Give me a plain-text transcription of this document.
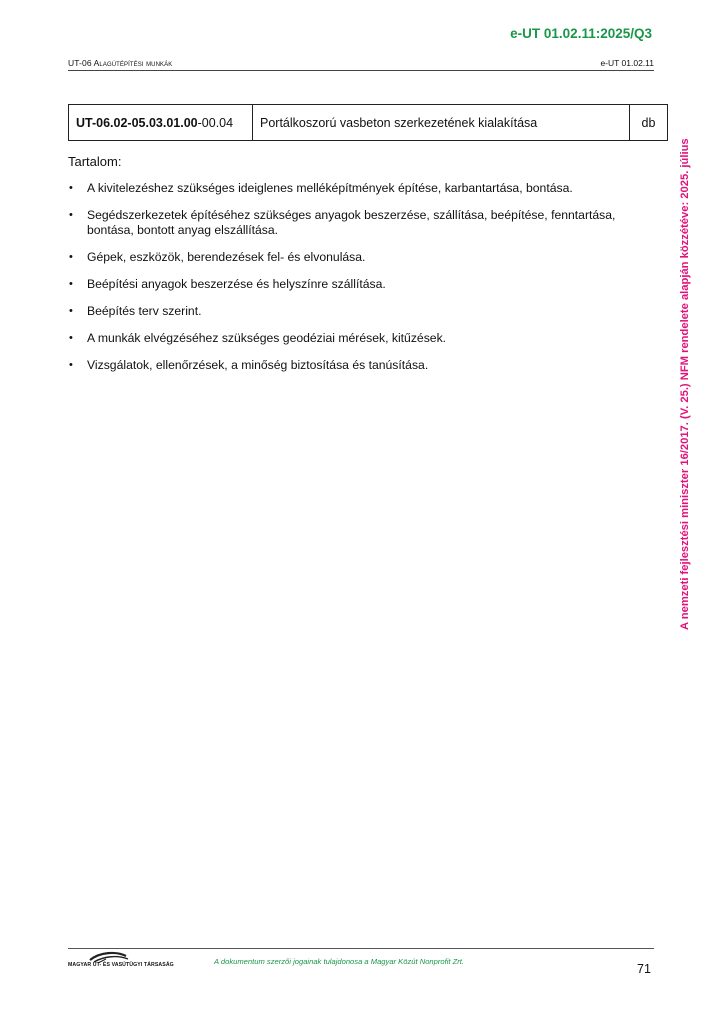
e-UT 01.02.11:2025/Q3
UT-06 Alagútépítési munkák	e-UT 01.02.11
UT-06.02-05.03.01.00 -00.04	Portálkoszorú vasbeton szerkezetének kialakítása	db
Tartalom:
• A kivitelezéshez szükséges ideiglenes melléképítmények építése, karbantartása, bontása.
• Segédszerkezetek építéséhez szükséges anyagok beszerzése, szállítása, beépítése, fenntartása, bontása, bontott anyag elszállítása.
• Gépek, eszközök, berendezések fel- és elvonulása.
• Beépítési anyagok beszerzése és helyszínre szállítása.
• Beépítés terv szerint.
• A munkák elvégzéséhez szükséges geodéziai mérések, kitűzések.
• Vizsgálatok, ellenőrzések, a minőség biztosítása és tanúsítása.	A nemzeti fejlesztési miniszter 16/2017. (V. 25.) NFM rendelete alapján közzétéve: 2025. július
MAGYAR ÚT- ÉS VASÚTÜGYI TÁRSASÁG	A dokumentum szerzői jogainak tulajdonosa a Magyar Közút Nonprofit Zrt.
71
